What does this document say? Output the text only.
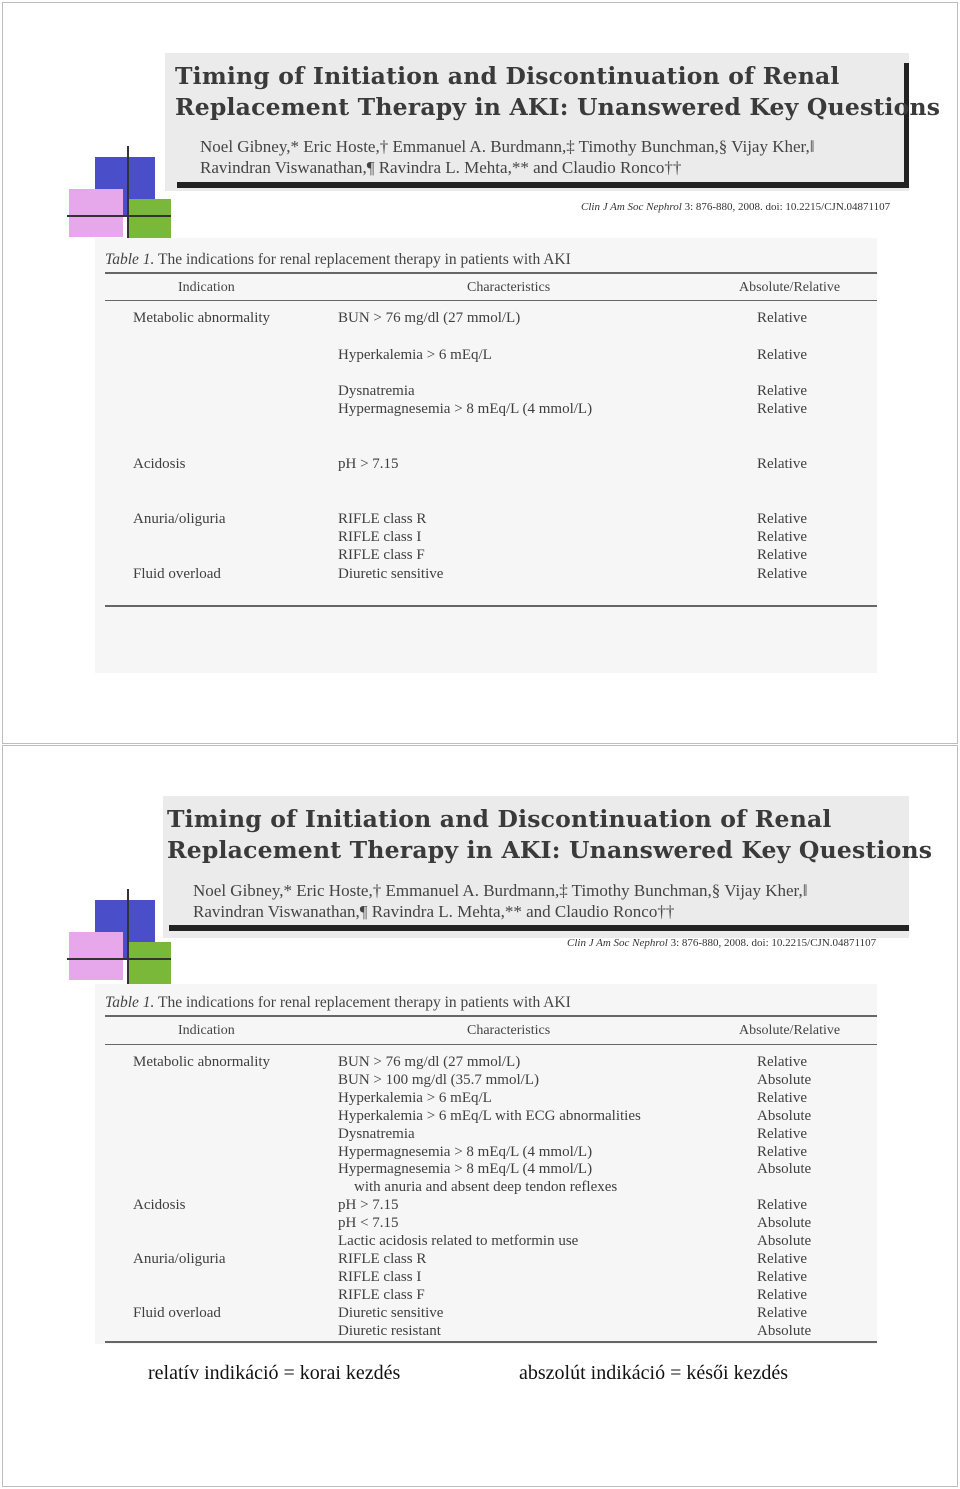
Timing of Initiation and Discontinuation of Renal
Replacement Therapy in AKI: Unanswered Key Questions
Noel Gibney,* Eric Hoste,† Emmanuel A. Burdmann,‡ Timothy Bunchman,§ Vijay Kher,‖
Ravindran Viswanathan,¶ Ravindra L. Mehta,** and Claudio Ronco††
Clin J Am Soc Nephrol 3: 876-880, 2008. doi: 10.2215/CJN.04871107
Table 1. The indications for renal replacement therapy in patients with AKI
Indication	Characteristics	Absolute/Relative
Metabolic abnormality	BUN > 76 mg/dl (27 mmol/L)	Relative
Hyperkalemia > 6 mEq/L	Relative
Dysnatremia	Relative
Hypermagnesemia > 8 mEq/L (4 mmol/L)	Relative
Acidosis	pH > 7.15	Relative
Anuria/oliguria	RIFLE class R	Relative
RIFLE class I	Relative
RIFLE class F	Relative
Fluid overload	Diuretic sensitive	Relative
Timing of Initiation and Discontinuation of Renal
Replacement Therapy in AKI: Unanswered Key Questions
Noel Gibney,* Eric Hoste,† Emmanuel A. Burdmann,‡ Timothy Bunchman,§ Vijay Kher,‖
Ravindran Viswanathan,¶ Ravindra L. Mehta,** and Claudio Ronco††
Clin J Am Soc Nephrol 3: 876-880, 2008. doi: 10.2215/CJN.04871107
Table 1. The indications for renal replacement therapy in patients with AKI
Indication	Characteristics	Absolute/Relative
Metabolic abnormality	BUN > 76 mg/dl (27 mmol/L)	Relative
BUN > 100 mg/dl (35.7 mmol/L)	Absolute
Hyperkalemia > 6 mEq/L	Relative
Hyperkalemia > 6 mEq/L with ECG abnormalities	Absolute
Dysnatremia	Relative
Hypermagnesemia > 8 mEq/L (4 mmol/L)	Relative
Hypermagnesemia > 8 mEq/L (4 mmol/L)	Absolute
with anuria and absent deep tendon reflexes
Acidosis	pH > 7.15	Relative
pH < 7.15	Absolute
Lactic acidosis related to metformin use	Absolute
Anuria/oliguria	RIFLE class R	Relative
RIFLE class I	Relative
RIFLE class F	Relative
Fluid overload	Diuretic sensitive	Relative
Diuretic resistant	Absolute
relatív indikáció = korai kezdés	abszolút indikáció = késői kezdés
